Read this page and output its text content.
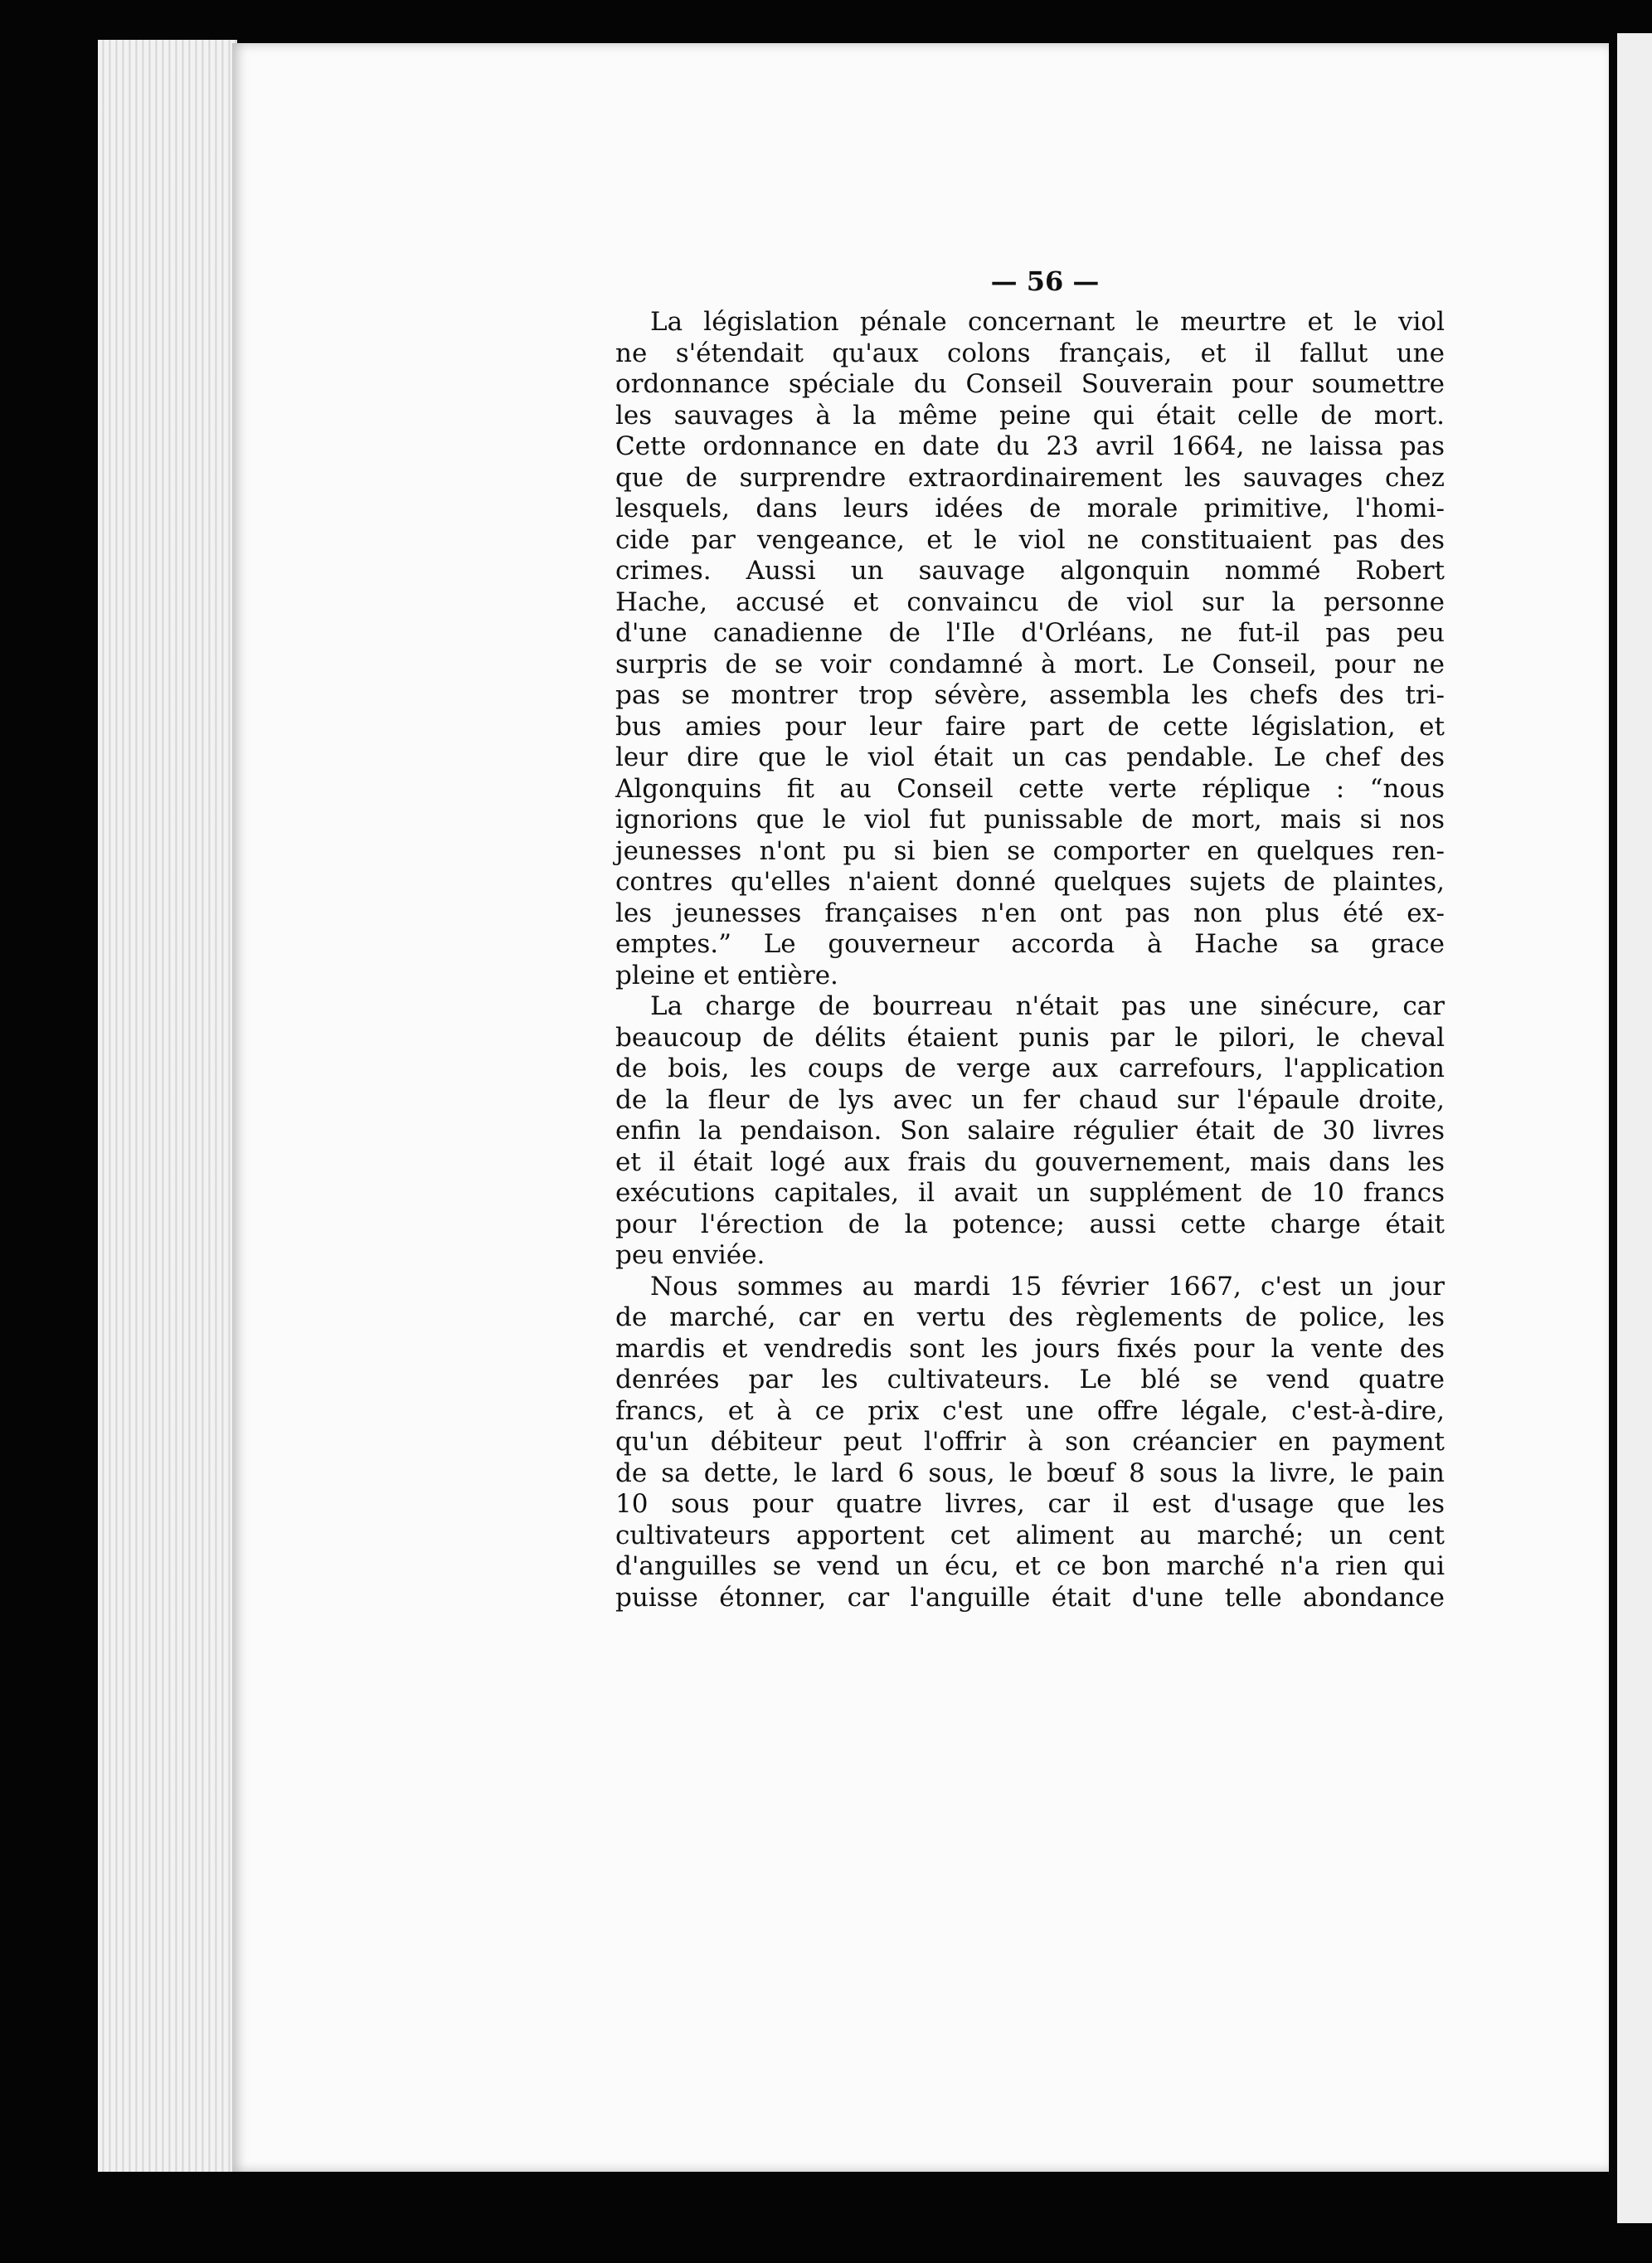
— 56 —
La législation pénale concernant le meurtre et le viol
ne s'étendait qu'aux colons français, et il fallut une
ordonnance spéciale du Conseil Souverain pour soumettre
les sauvages à la même peine qui était celle de mort.
Cette ordonnance en date du 23 avril 1664, ne laissa pas
que de surprendre extraordinairement les sauvages chez
lesquels, dans leurs idées de morale primitive, l'homi-
cide par vengeance, et le viol ne constituaient pas des
crimes. Aussi un sauvage algonquin nommé Robert
Hache, accusé et convaincu de viol sur la personne
d'une canadienne de l'Ile d'Orléans, ne fut-il pas peu
surpris de se voir condamné à mort. Le Conseil, pour ne
pas se montrer trop sévère, assembla les chefs des tri-
bus amies pour leur faire part de cette législation, et
leur dire que le viol était un cas pendable. Le chef des
Algonquins fit au Conseil cette verte réplique : “nous
ignorions que le viol fut punissable de mort, mais si nos
jeunesses n'ont pu si bien se comporter en quelques ren-
contres qu'elles n'aient donné quelques sujets de plaintes,
les jeunesses françaises n'en ont pas non plus été ex-
emptes.” Le gouverneur accorda à Hache sa grace
pleine et entière.
La charge de bourreau n'était pas une sinécure, car
beaucoup de délits étaient punis par le pilori, le cheval
de bois, les coups de verge aux carrefours, l'application
de la fleur de lys avec un fer chaud sur l'épaule droite,
enfin la pendaison. Son salaire régulier était de 30 livres
et il était logé aux frais du gouvernement, mais dans les
exécutions capitales, il avait un supplément de 10 francs
pour l'érection de la potence; aussi cette charge était
peu enviée.
Nous sommes au mardi 15 février 1667, c'est un jour
de marché, car en vertu des règlements de police, les
mardis et vendredis sont les jours fixés pour la vente des
denrées par les cultivateurs. Le blé se vend quatre
francs, et à ce prix c'est une offre légale, c'est-à-dire,
qu'un débiteur peut l'offrir à son créancier en payment
de sa dette, le lard 6 sous, le bœuf 8 sous la livre, le pain
10 sous pour quatre livres, car il est d'usage que les
cultivateurs apportent cet aliment au marché; un cent
d'anguilles se vend un écu, et ce bon marché n'a rien qui
puisse étonner, car l'anguille était d'une telle abondance
